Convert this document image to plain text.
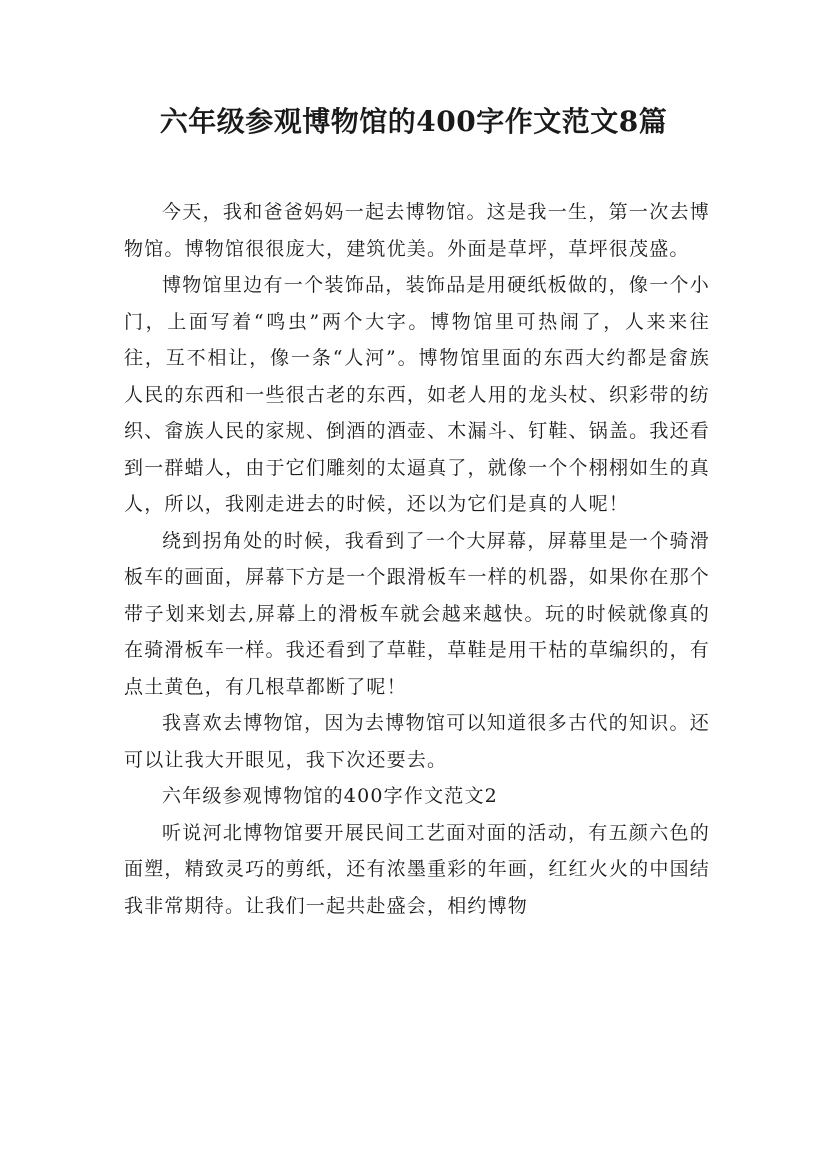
六年级参观博物馆的400字作文范文8篇

今天，我和爸爸妈妈一起去博物馆。这是我一生，第一次去博物馆。博物馆很很庞大，建筑优美。外面是草坪，草坪很茂盛。

博物馆里边有一个装饰品，装饰品是用硬纸板做的，像一个小门，上面写着“鸣虫”两个大字。博物馆里可热闹了，人来来往往，互不相让，像一条“人河”。博物馆里面的东西大约都是畲族人民的东西和一些很古老的东西，如老人用的龙头杖、织彩带的纺织、畲族人民的家规、倒酒的酒壶、木漏斗、钉鞋、锅盖。我还看到一群蜡人，由于它们雕刻的太逼真了，就像一个个栩栩如生的真人，所以，我刚走进去的时候，还以为它们是真的人呢！

绕到拐角处的时候，我看到了一个大屏幕，屏幕里是一个骑滑板车的画面，屏幕下方是一个跟滑板车一样的机器，如果你在那个带子划来划去,屏幕上的滑板车就会越来越快。玩的时候就像真的在骑滑板车一样。我还看到了草鞋，草鞋是用干枯的草编织的，有点土黄色，有几根草都断了呢！

我喜欢去博物馆，因为去博物馆可以知道很多古代的知识。还可以让我大开眼见，我下次还要去。

六年级参观博物馆的400字作文范文2

听说河北博物馆要开展民间工艺面对面的活动，有五颜六色的面塑，精致灵巧的剪纸，还有浓墨重彩的年画，红红火火的中国结我非常期待。让我们一起共赴盛会，相约博物
